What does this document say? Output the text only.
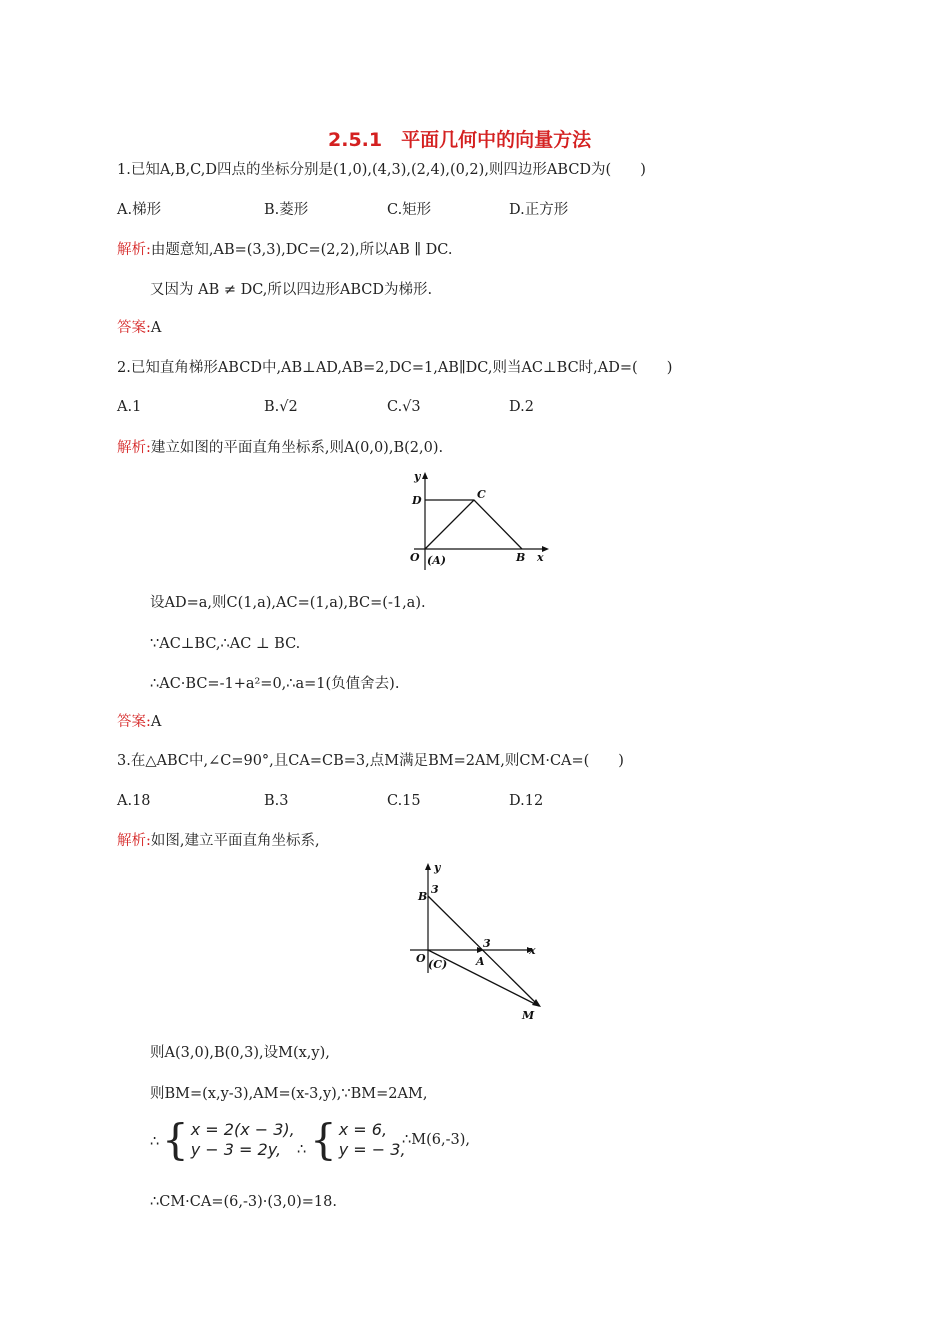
2.5.1　平面几何中的向量方法
1.已知A,B,C,D四点的坐标分别是(1,0),(4,3),(2,4),(0,2),则四边形ABCD为(　　)
A.梯形	B.菱形	C.矩形	D.正方形
解析:由题意知,AB=(3,3),DC=(2,2),所以AB ∥ DC.
又因为 AB ≠ DC,所以四边形ABCD为梯形.
答案:A
2.已知直角梯形ABCD中,AB⊥AD,AB=2,DC=1,AB∥DC,则当AC⊥BC时,AD=(　　)
A.1	B.√2	C.√3	D.2
解析:建立如图的平面直角坐标系,则A(0,0),B(2,0).
y
D	C
O (A)	B x
设AD=a,则C(1,a),AC=(1,a),BC=(-1,a).
∵AC⊥BC,∴AC ⊥ BC.
∴AC·BC=-1+a²=0,∴a=1(负值舍去).
答案:A
3.在△ABC中,∠C=90°,且CA=CB=3,点M满足BM=2AM,则CM·CA=(　　)
A.18	B.3	C.15	D.12
解析:如图,建立平面直角坐标系,
y
B
3
3
x
O (C)	A
M
则A(3,0),B(0,3),设M(x,y),
则BM=(x,y-3),AM=(x-3,y),∵BM=2AM,
∴ { x = 2(x − 3),
y − 3 = 2y,	∴ { x = 6,
y = − 3,
∴M(6,-3),
∴CM·CA=(6,-3)·(3,0)=18.
